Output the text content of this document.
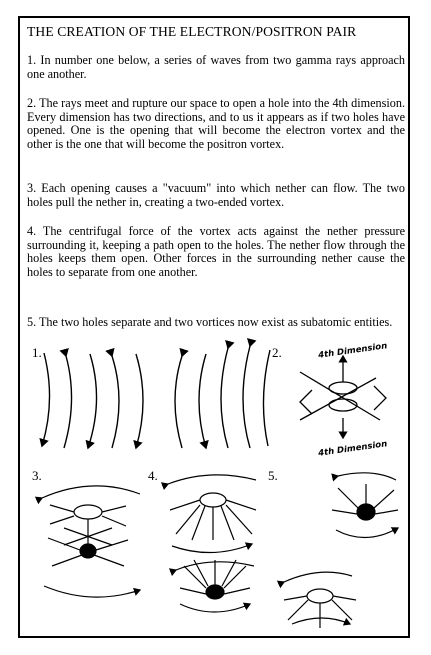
THE CREATION OF THE ELECTRON/POSITRON PAIR

1. In number one below, a series of waves from two gamma rays approach one another.

2. The rays meet and rupture our space to open a hole into the 4th dimension. Every dimension has two directions, and to us it appears as if two holes have opened. One is the opening that will become the electron vortex and the other is the one that will become the positron vortex.

3. Each opening causes a "vacuum" into which nether can flow. The two holes pull the nether in, creating a two-ended vortex.

4. The centrifugal force of the vortex acts against the nether pressure surrounding it, keeping a path open to the holes. The nether flow through the holes keeps them open. Other forces in the surrounding nether cause the holes to separate from one another.

5. The two holes separate and two vortices now exist as subatomic entities.

1.	2.
3.	4.	5.
4th Dimension
4th Dimension
